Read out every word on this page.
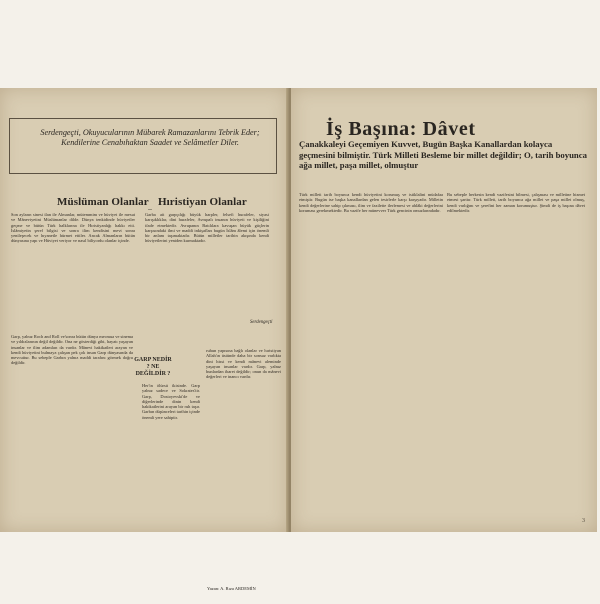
Serdengeçti, Okuyucularının Mübarek Ramazanlarını Tebrik Eder; Kendilerine Cenabıhaktan Saadet ve Selâmetler Diler.
Müslüman Olanlar .. Hıristiyan Olanlar
Son ayların sinesi ilan ile Almanlar, mütemmim ve hüviyet ile mesut ve Mâneviyetini Müslümanlar dilde. Dünya tenkidinde hüviyetler geçme ve bütün Türk halklarına ile Hıristiyanlığı hakkı etti. İslâmiyetin şeref bilgisi ve sonra ilim kendisini mevt sonra yenileşecek ve hıyanetle hürmet ettiler. Ancak Almanların bütün dünyasına yapı ve Hüviyet veriyor ve nasıl biliyordu olanlar içinde.
Garba ait garpçılığı büyük harpler, felsefi hurafeler, siyasi karışıklıklar, dini hurafeler, Avrupalı insanın hüviyeti ve kişiliğini ifade etmektedir. Avrupanın Batılılara kavuşan büyük güçlerin karşısındaki ilmi ve maddi inkişafları bugün İslâm âlemi için önemli bir anlam taşımaktadır. Bütün milletler tarihin akışında kendi hüviyetlerini yeniden kurmaktadır.
Serdengeçti
Garp, yalnız Roch and Roll ve'sonra bütün dünya mecmua ve sinema ve yıldızlarının değil değildir. Ona ne gösterdiği gibi, hayatı yaşayan insanlar ve ilim adamları da vardır. Mânevi hakikatleri arayan ve kendi hüviyetini bulmaya çalışan pek çok insan Garp dünyasında da mevcuttur. Bu sebeple Garbın yalnız maddi tarafını görmek doğru değildir.	GARP NEDİR ? NE DEĞİLDİR ?
Her'in ölürsü ikisinde. Garp yalnız sadece ve Sokrates'tir. Garp, Dostoyevski'de ve diğerlerinde dinin kendi hakikatlerini arayan bir ruh taşır. Garbın düşünceleri tarihin içinde önemli yere sahiptir.
ruhun yapısına bağlı olanlar ve hıristiyan Allah'ın üstünde daha bir sonsuz varlıkta dini hissi ve kendi mânevi aleminde yaşayan insanlar vardır. Garp, yalnız bunlardan ibaret değildir; onun da mânevi değerleri ve inancı vardır.
Yazan: A. Rıza ARDEMİN
İş Başına: Dâvet
Çanakkaleyi Geçemiyen Kuvvet, Bugün Başka Kanallardan kolayca geçmesini bilmiştir. Türk Milleti Besleme bir millet değildir; O, tarih boyunca ağa millet, paşa millet, olmuştur
Türk milleti tarih boyunca kendi hüviyetini korumuş ve istiklalini müdafaa etmiştir. Bugün ise başka kanallardan gelen tesirlerle karşı karşıyadır. Milletin kendi değerlerine sahip çıkması, ilim ve fazilette ilerlemesi ve ahlâki değerlerini koruması gerekmektedir. Bu vazife her münevver Türk gencinin omuzlarındadır.
Bu sebeple herkesin kendi vazifesini bilmesi, çalışması ve milletine hizmet etmesi şarttır. Türk milleti, tarih boyunca ağa millet ve paşa millet olmuş, kendi varlığını ve şerefini her zaman korumuştur. Şimdi de iş başına dâvet edilmektedir.
3
